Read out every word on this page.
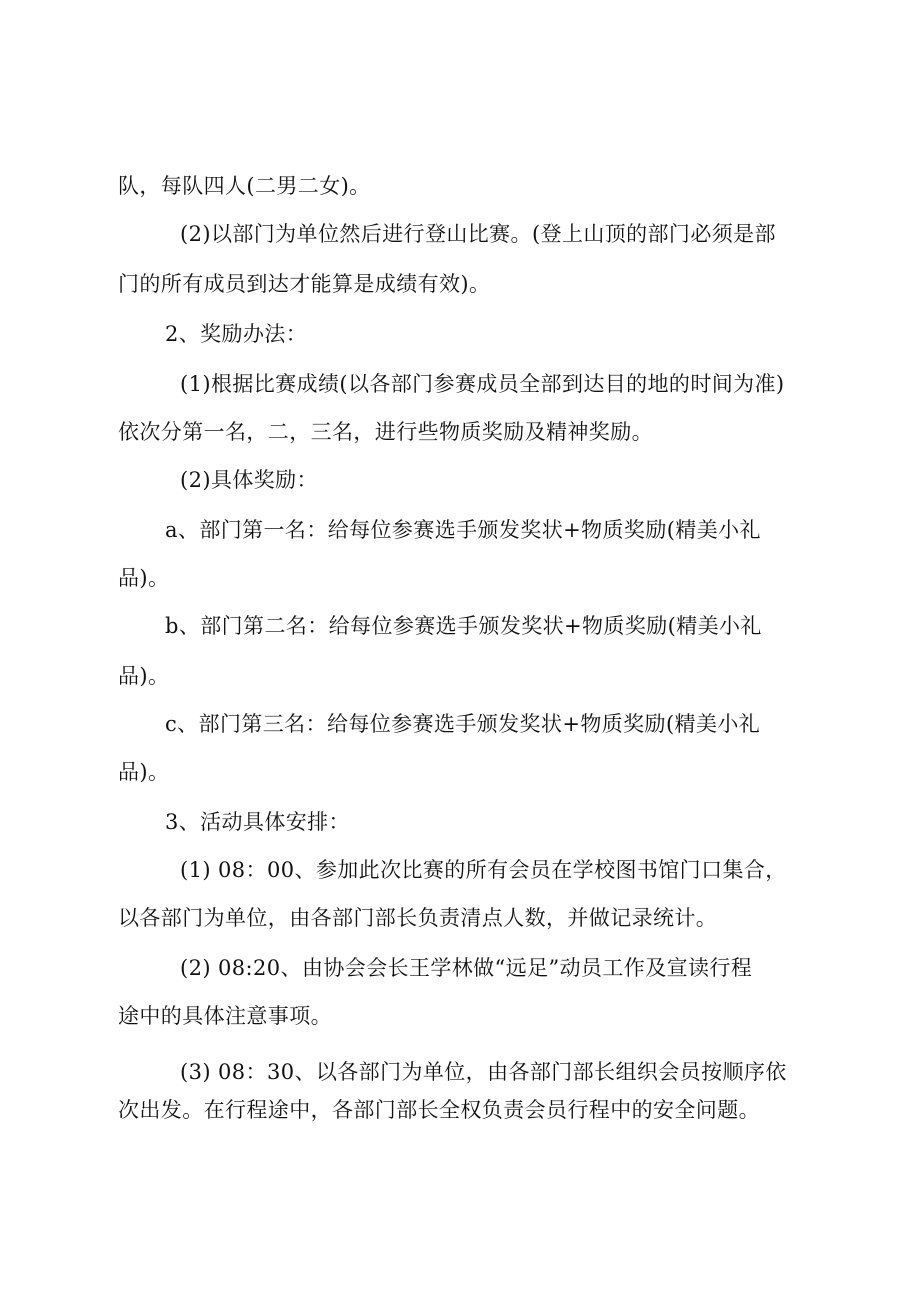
队，每队四人(二男二女)。
(2)以部门为单位然后进行登山比赛。(登上山顶的部门必须是部
门的所有成员到达才能算是成绩有效)。
2、奖励办法：
(1)根据比赛成绩(以各部门参赛成员全部到达目的地的时间为准)
依次分第一名，二，三名，进行些物质奖励及精神奖励。
(2)具体奖励：
a、部门第一名：给每位参赛选手颁发奖状+物质奖励(精美小礼
品)。
b、部门第二名：给每位参赛选手颁发奖状+物质奖励(精美小礼
品)。
c、部门第三名：给每位参赛选手颁发奖状+物质奖励(精美小礼
品)。
3、活动具体安排：
(1) 08：00、参加此次比赛的所有会员在学校图书馆门口集合，
以各部门为单位，由各部门部长负责清点人数，并做记录统计。
(2) 08:20、由协会会长王学林做“远足”动员工作及宣读行程
途中的具体注意事项。
(3) 08：30、以各部门为单位，由各部门部长组织会员按顺序依
次出发。在行程途中，各部门部长全权负责会员行程中的安全问题。
